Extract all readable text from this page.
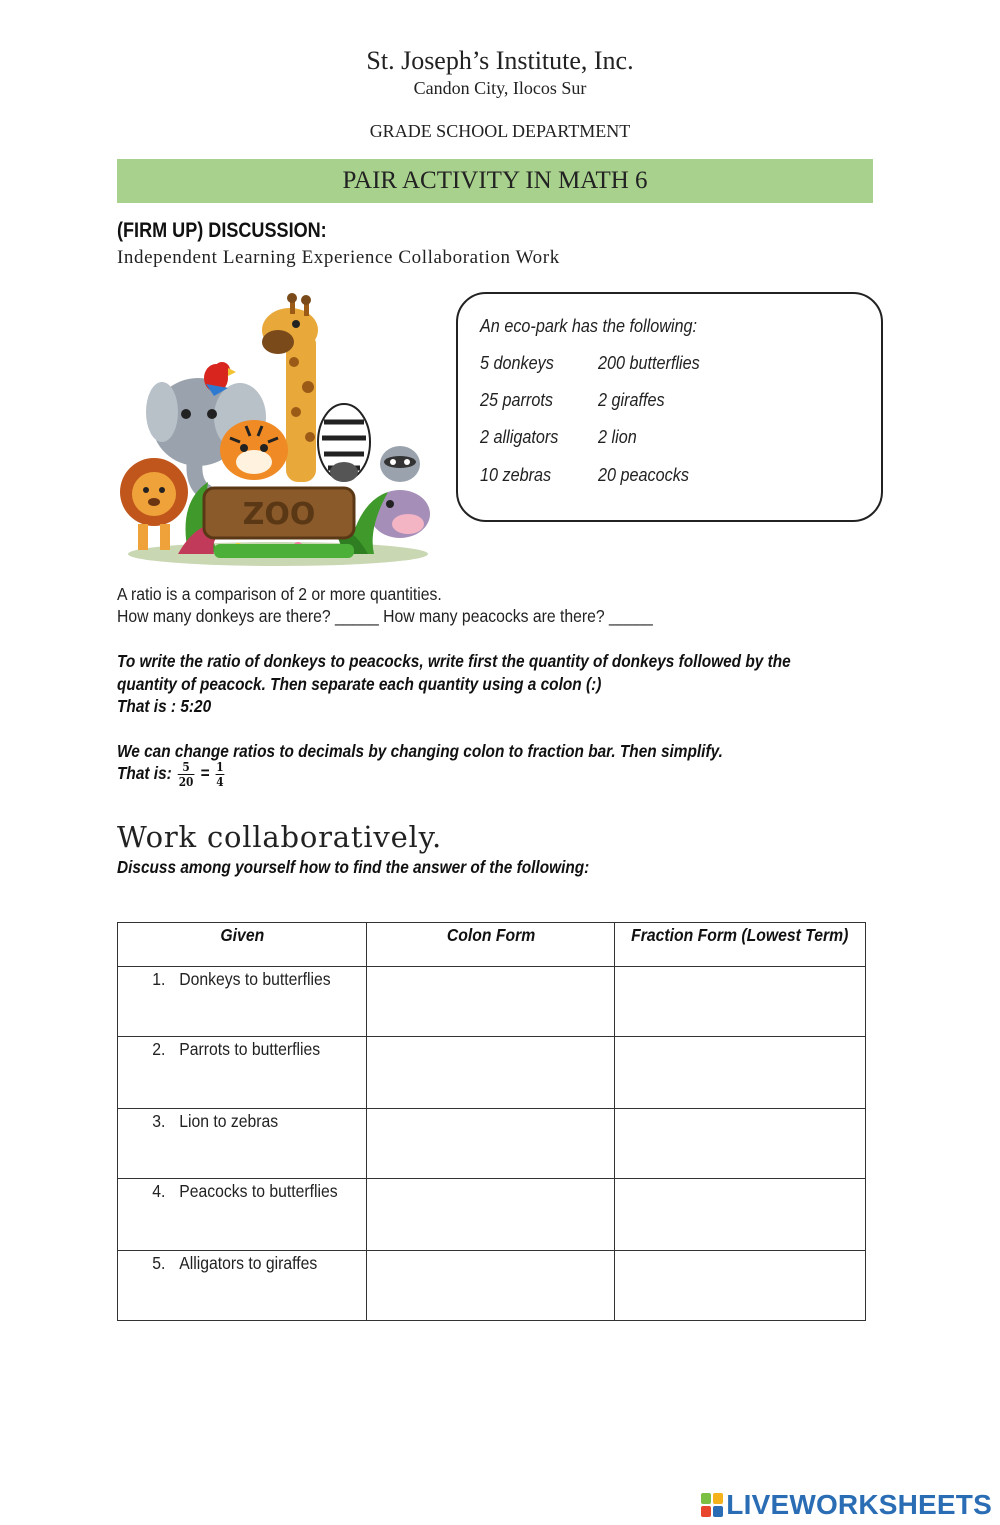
St. Joseph’s Institute, Inc.
Candon City, Ilocos Sur
GRADE SCHOOL DEPARTMENT
PAIR ACTIVITY IN MATH 6
(FIRM UP) DISCUSSION:
Independent Learning Experience Collaboration Work
ZOO
An eco-park has the following:
5 donkeys 200 butterflies
25 parrots	2 giraffes
2 alligators 2 lion
10 zebras	20 peacocks
A ratio is a comparison of 2 or more quantities.
How many donkeys are there? _____ How many peacocks are there? _____
To write the ratio of donkeys to peacocks, write first the quantity of donkeys followed by the
quantity of peacock. Then separate each quantity using a colon (:)
That is : 5:20
We can change ratios to decimals by changing colon to fraction bar. Then simplify.
That is: $\frac{5}{20} = \frac{1}{4}$
Work collaboratively.
Discuss among yourself how to find the answer of the following:
Given	Colon Form	Fraction Form (Lowest Term)
1. Donkeys to butterflies		
2. Parrots to butterflies		
3. Lion to zebras		
4. Peacocks to butterflies		
5. Alligators to giraffes		
LIVEWORKSHEETS
